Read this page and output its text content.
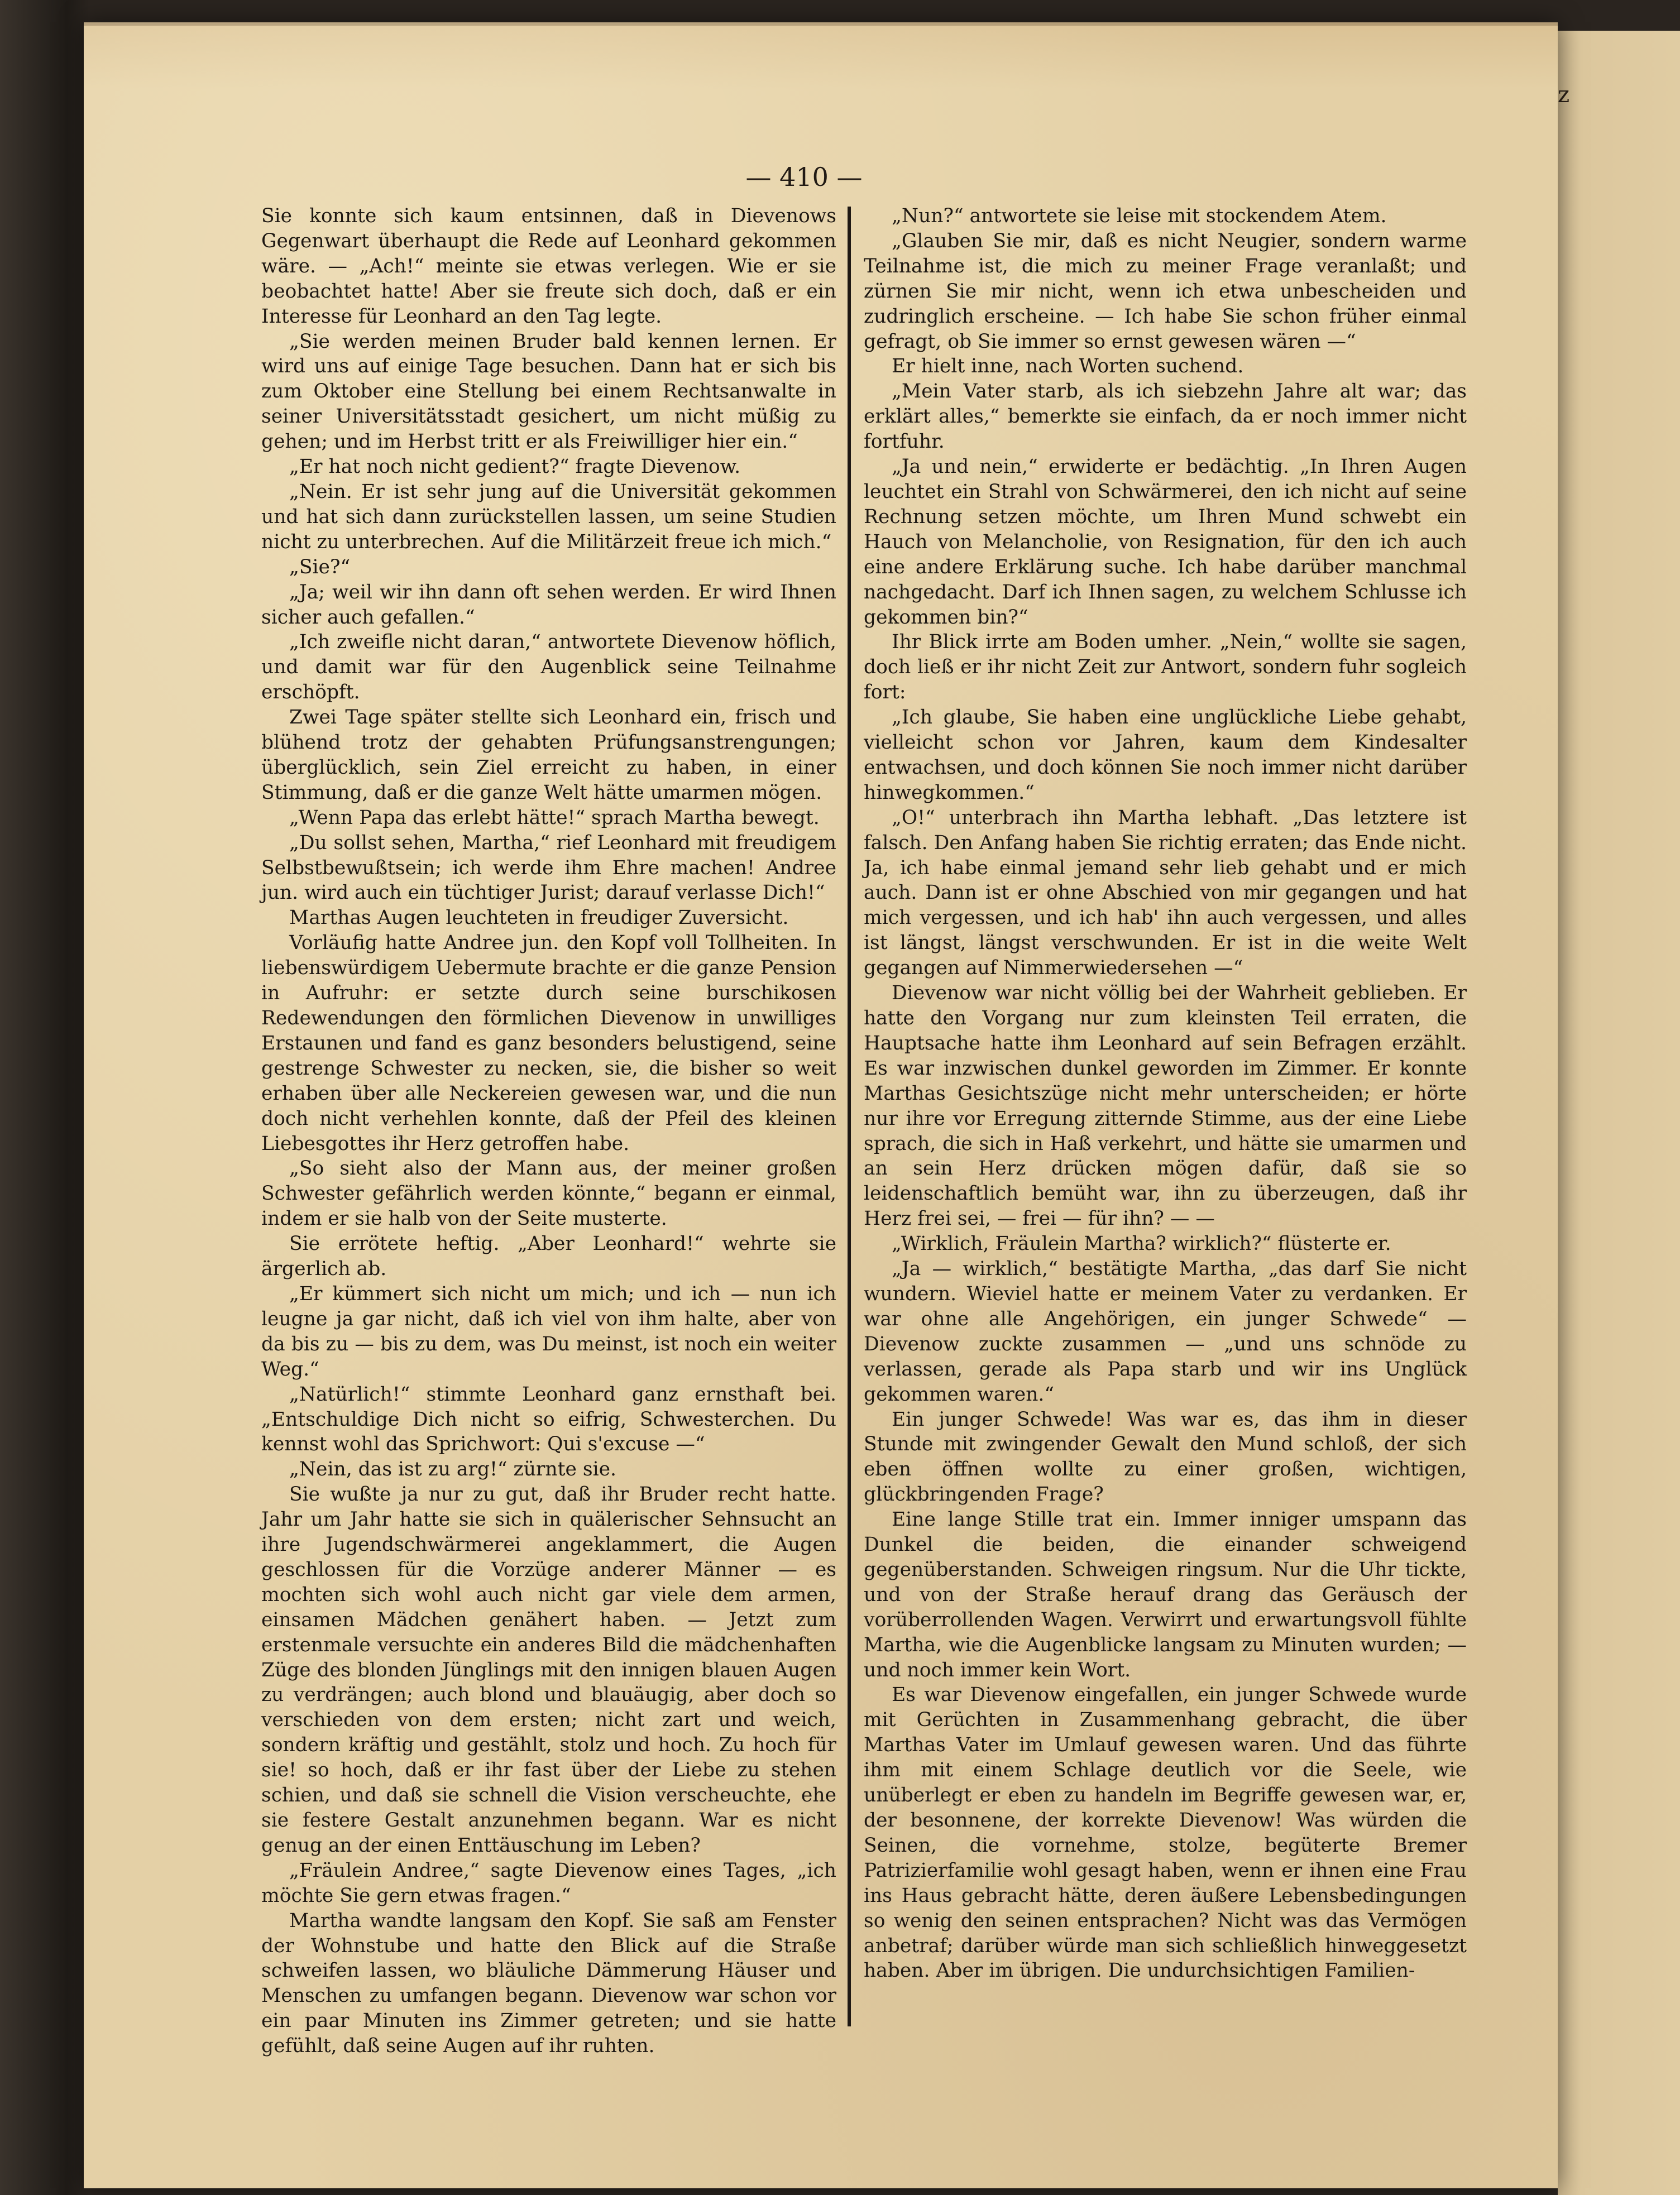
z
— 410 —

Sie konnte sich kaum entsinnen, daß in Dievenows Gegenwart überhaupt die Rede auf Leonhard gekommen wäre. — „Ach!“ meinte sie etwas verlegen. Wie er sie beobachtet hatte! Aber sie freute sich doch, daß er ein Interesse für Leonhard an den Tag legte.

„Sie werden meinen Bruder bald kennen lernen. Er wird uns auf einige Tage besuchen. Dann hat er sich bis zum Oktober eine Stellung bei einem Rechtsanwalte in seiner Universitätsstadt gesichert, um nicht müßig zu gehen; und im Herbst tritt er als Freiwilliger hier ein.“

„Er hat noch nicht gedient?“ fragte Dievenow.

„Nein. Er ist sehr jung auf die Universität gekommen und hat sich dann zurückstellen lassen, um seine Studien nicht zu unterbrechen. Auf die Militärzeit freue ich mich.“

„Sie?“

„Ja; weil wir ihn dann oft sehen werden. Er wird Ihnen sicher auch gefallen.“

„Ich zweifle nicht daran,“ antwortete Dievenow höflich, und damit war für den Augenblick seine Teilnahme erschöpft.

Zwei Tage später stellte sich Leonhard ein, frisch und blühend trotz der gehabten Prüfungsanstrengungen; überglücklich, sein Ziel erreicht zu haben, in einer Stimmung, daß er die ganze Welt hätte umarmen mögen.

„Wenn Papa das erlebt hätte!“ sprach Martha bewegt.

„Du sollst sehen, Martha,“ rief Leonhard mit freudigem Selbstbewußtsein; ich werde ihm Ehre machen! Andree jun. wird auch ein tüchtiger Jurist; darauf verlasse Dich!“

Marthas Augen leuchteten in freudiger Zuversicht.

Vorläufig hatte Andree jun. den Kopf voll Tollheiten. In liebenswürdigem Uebermute brachte er die ganze Pension in Aufruhr: er setzte durch seine burschikosen Redewendungen den förmlichen Dievenow in unwilliges Erstaunen und fand es ganz besonders belustigend, seine gestrenge Schwester zu necken, sie, die bisher so weit erhaben über alle Neckereien gewesen war, und die nun doch nicht verhehlen konnte, daß der Pfeil des kleinen Liebesgottes ihr Herz getroffen habe.

„So sieht also der Mann aus, der meiner großen Schwester gefährlich werden könnte,“ begann er einmal, indem er sie halb von der Seite musterte.

Sie errötete heftig. „Aber Leonhard!“ wehrte sie ärgerlich ab.

„Er kümmert sich nicht um mich; und ich — nun ich leugne ja gar nicht, daß ich viel von ihm halte, aber von da bis zu — bis zu dem, was Du meinst, ist noch ein weiter Weg.“

„Natürlich!“ stimmte Leonhard ganz ernsthaft bei. „Entschuldige Dich nicht so eifrig, Schwesterchen. Du kennst wohl das Sprichwort: Qui s'excuse —“

„Nein, das ist zu arg!“ zürnte sie.

Sie wußte ja nur zu gut, daß ihr Bruder recht hatte. Jahr um Jahr hatte sie sich in quälerischer Sehnsucht an ihre Jugendschwärmerei angeklammert, die Augen geschlossen für die Vorzüge anderer Männer — es mochten sich wohl auch nicht gar viele dem armen, einsamen Mädchen genähert haben. — Jetzt zum erstenmale versuchte ein anderes Bild die mädchenhaften Züge des blonden Jünglings mit den innigen blauen Augen zu verdrängen; auch blond und blauäugig, aber doch so verschieden von dem ersten; nicht zart und weich, sondern kräftig und gestählt, stolz und hoch. Zu hoch für sie! so hoch, daß er ihr fast über der Liebe zu stehen schien, und daß sie schnell die Vision verscheuchte, ehe sie festere Gestalt anzunehmen begann. War es nicht genug an der einen Enttäuschung im Leben?

„Fräulein Andree,“ sagte Dievenow eines Tages, „ich möchte Sie gern etwas fragen.“

Martha wandte langsam den Kopf. Sie saß am Fenster der Wohnstube und hatte den Blick auf die Straße schweifen lassen, wo bläuliche Dämmerung Häuser und Menschen zu umfangen begann. Dievenow war schon vor ein paar Minuten ins Zimmer getreten; und sie hatte gefühlt, daß seine Augen auf ihr ruhten.

„Nun?“ antwortete sie leise mit stockendem Atem.

„Glauben Sie mir, daß es nicht Neugier, sondern warme Teilnahme ist, die mich zu meiner Frage veranlaßt; und zürnen Sie mir nicht, wenn ich etwa unbescheiden und zudringlich erscheine. — Ich habe Sie schon früher einmal gefragt, ob Sie immer so ernst gewesen wären —“

Er hielt inne, nach Worten suchend.

„Mein Vater starb, als ich siebzehn Jahre alt war; das erklärt alles,“ bemerkte sie einfach, da er noch immer nicht fortfuhr.

„Ja und nein,“ erwiderte er bedächtig. „In Ihren Augen leuchtet ein Strahl von Schwärmerei, den ich nicht auf seine Rechnung setzen möchte, um Ihren Mund schwebt ein Hauch von Melancholie, von Resignation, für den ich auch eine andere Erklärung suche. Ich habe darüber manchmal nachgedacht. Darf ich Ihnen sagen, zu welchem Schlusse ich gekommen bin?“

Ihr Blick irrte am Boden umher. „Nein,“ wollte sie sagen, doch ließ er ihr nicht Zeit zur Antwort, sondern fuhr sogleich fort:

„Ich glaube, Sie haben eine unglückliche Liebe gehabt, vielleicht schon vor Jahren, kaum dem Kindesalter entwachsen, und doch können Sie noch immer nicht darüber hinwegkommen.“

„O!“ unterbrach ihn Martha lebhaft. „Das letztere ist falsch. Den Anfang haben Sie richtig erraten; das Ende nicht. Ja, ich habe einmal jemand sehr lieb gehabt und er mich auch. Dann ist er ohne Abschied von mir gegangen und hat mich vergessen, und ich hab' ihn auch vergessen, und alles ist längst, längst verschwunden. Er ist in die weite Welt gegangen auf Nimmerwiedersehen —“

Dievenow war nicht völlig bei der Wahrheit geblieben. Er hatte den Vorgang nur zum kleinsten Teil erraten, die Hauptsache hatte ihm Leonhard auf sein Befragen erzählt. Es war inzwischen dunkel geworden im Zimmer. Er konnte Marthas Gesichtszüge nicht mehr unterscheiden; er hörte nur ihre vor Erregung zitternde Stimme, aus der eine Liebe sprach, die sich in Haß verkehrt, und hätte sie umarmen und an sein Herz drücken mögen dafür, daß sie so leidenschaftlich bemüht war, ihn zu überzeugen, daß ihr Herz frei sei, — frei — für ihn? — —

„Wirklich, Fräulein Martha? wirklich?“ flüsterte er.

„Ja — wirklich,“ bestätigte Martha, „das darf Sie nicht wundern. Wieviel hatte er meinem Vater zu verdanken. Er war ohne alle Angehörigen, ein junger Schwede“ — Dievenow zuckte zusammen — „und uns schnöde zu verlassen, gerade als Papa starb und wir ins Unglück gekommen waren.“

Ein junger Schwede! Was war es, das ihm in dieser Stunde mit zwingender Gewalt den Mund schloß, der sich eben öffnen wollte zu einer großen, wichtigen, glückbringenden Frage?

Eine lange Stille trat ein. Immer inniger umspann das Dunkel die beiden, die einander schweigend gegenüberstanden. Schweigen ringsum. Nur die Uhr tickte, und von der Straße herauf drang das Geräusch der vorüberrollenden Wagen. Verwirrt und erwartungsvoll fühlte Martha, wie die Augenblicke langsam zu Minuten wurden; — und noch immer kein Wort.

Es war Dievenow eingefallen, ein junger Schwede wurde mit Gerüchten in Zusammenhang gebracht, die über Marthas Vater im Umlauf gewesen waren. Und das führte ihm mit einem Schlage deutlich vor die Seele, wie unüberlegt er eben zu handeln im Begriffe gewesen war, er, der besonnene, der korrekte Dievenow! Was würden die Seinen, die vornehme, stolze, begüterte Bremer Patrizierfamilie wohl gesagt haben, wenn er ihnen eine Frau ins Haus gebracht hätte, deren äußere Lebensbedingungen so wenig den seinen entsprachen? Nicht was das Vermögen anbetraf; darüber würde man sich schließlich hinweggesetzt haben. Aber im übrigen. Die undurchsichtigen Familien-
